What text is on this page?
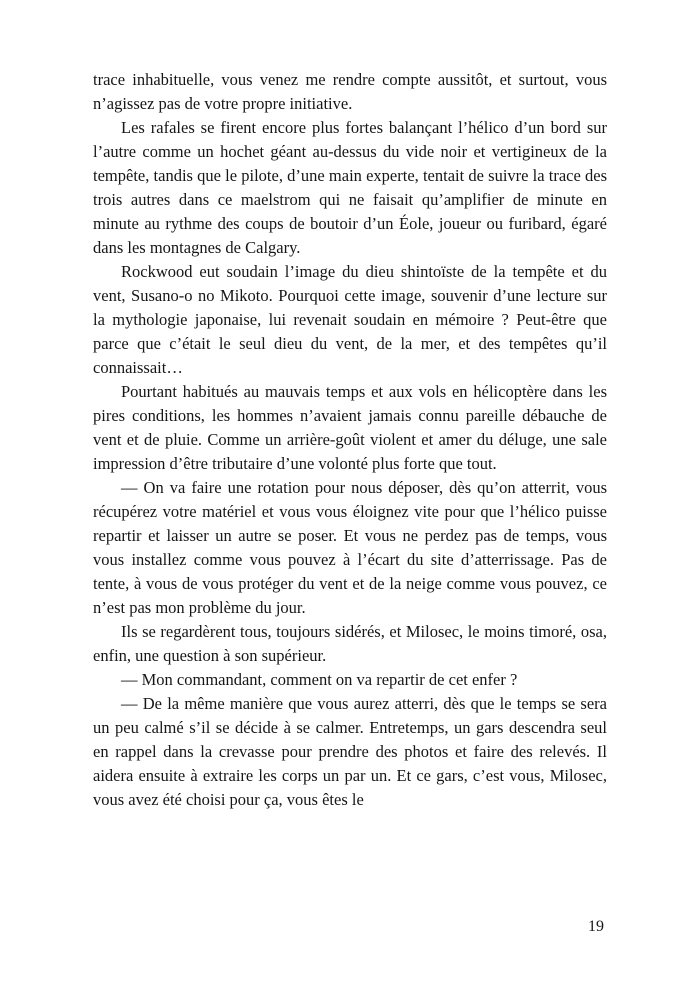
trace inhabituelle, vous venez me rendre compte aussitôt, et surtout, vous n’agissez pas de votre propre initiative.

Les rafales se firent encore plus fortes balançant l’hélico d’un bord sur l’autre comme un hochet géant au-dessus du vide noir et vertigineux de la tempête, tandis que le pilote, d’une main experte, tentait de suivre la trace des trois autres dans ce maelstrom qui ne faisait qu’amplifier de minute en minute au rythme des coups de boutoir d’un Éole, joueur ou furibard, égaré dans les montagnes de Calgary.

Rockwood eut soudain l’image du dieu shintoïste de la tempête et du vent, Susano-o no Mikoto. Pourquoi cette image, souvenir d’une lecture sur la mythologie japonaise, lui revenait soudain en mémoire ? Peut-être que parce que c’était le seul dieu du vent, de la mer, et des tempêtes qu’il connaissait…

Pourtant habitués au mauvais temps et aux vols en hélicoptère dans les pires conditions, les hommes n’avaient jamais connu pareille débauche de vent et de pluie. Comme un arrière-goût violent et amer du déluge, une sale impression d’être tributaire d’une volonté plus forte que tout.

— On va faire une rotation pour nous déposer, dès qu’on atterrit, vous récupérez votre matériel et vous vous éloignez vite pour que l’hélico puisse repartir et laisser un autre se poser. Et vous ne perdez pas de temps, vous vous installez comme vous pouvez à l’écart du site d’atterrissage. Pas de tente, à vous de vous protéger du vent et de la neige comme vous pouvez, ce n’est pas mon problème du jour.

Ils se regardèrent tous, toujours sidérés, et Milosec, le moins timoré, osa, enfin, une question à son supérieur.

— Mon commandant, comment on va repartir de cet enfer ?

— De la même manière que vous aurez atterri, dès que le temps se sera un peu calmé s’il se décide à se calmer. Entretemps, un gars descendra seul en rappel dans la crevasse pour prendre des photos et faire des relevés. Il aidera ensuite à extraire les corps un par un. Et ce gars, c’est vous, Milosec, vous avez été choisi pour ça, vous êtes le

19
